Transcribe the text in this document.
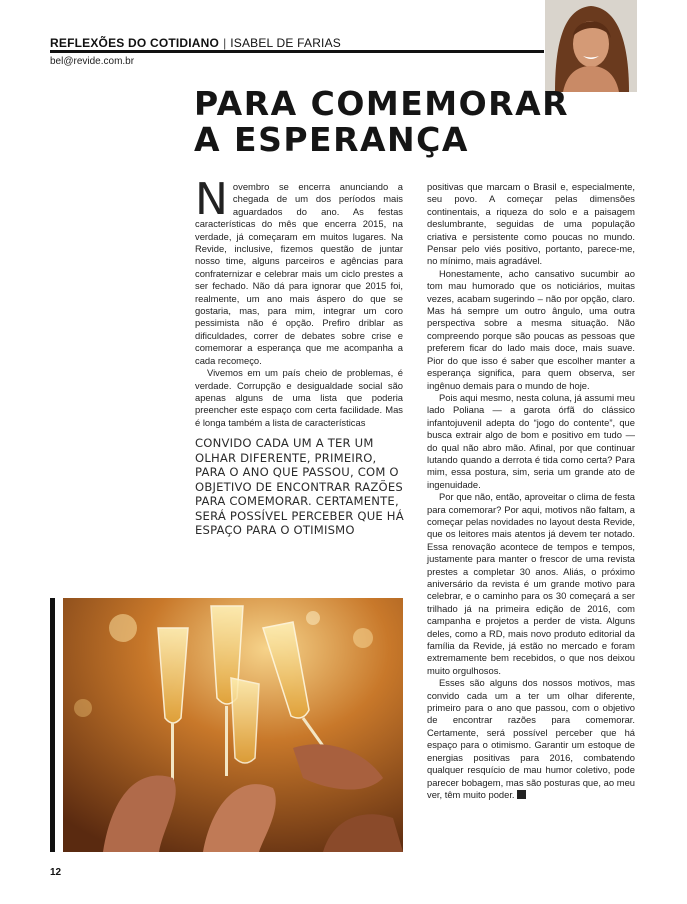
REFLEXÕES DO COTIDIANO | ISABEL DE FARIAS
bel@revide.com.br
PARA COMEMORAR
A ESPERANÇA

Novembro se encerra anunciando a chegada de um dos períodos mais aguardados do ano. As festas características do mês que encerra 2015, na verdade, já começaram em muitos lugares. Na Revide, inclusive, fizemos questão de juntar nosso time, alguns parceiros e agências para confraternizar e celebrar mais um ciclo prestes a ser fechado. Não dá para ignorar que 2015 foi, realmente, um ano mais áspero do que se gostaria, mas, para mim, integrar um coro pessimista não é opção. Prefiro driblar as dificuldades, correr de debates sobre crise e comemorar a esperança que me acompanha a cada recomeço.

Vivemos em um país cheio de problemas, é verdade. Corrupção e desigualdade social são apenas alguns de uma lista que poderia preencher este espaço com certa facilidade. Mas é longa também a lista de características

CONVIDO CADA UM A TER UM OLHAR DIFERENTE, PRIMEIRO, PARA O ANO QUE PASSOU, COM O OBJETIVO DE ENCONTRAR RAZÕES PARA COMEMORAR. CERTAMENTE, SERÁ POSSÍVEL PERCEBER QUE HÁ ESPAÇO PARA O OTIMISMO

positivas que marcam o Brasil e, especialmente, seu povo. A começar pelas dimensões continentais, a riqueza do solo e a paisagem deslumbrante, seguidas de uma população criativa e persistente como poucas no mundo. Pensar pelo viés positivo, portanto, parece-me, no mínimo, mais agradável.

Honestamente, acho cansativo sucumbir ao tom mau humorado que os noticiários, muitas vezes, acabam sugerindo – não por opção, claro. Mas há sempre um outro ângulo, uma outra perspectiva sobre a mesma situação. Não compreendo porque são poucas as pessoas que preferem ficar do lado mais doce, mais suave. Pior do que isso é saber que escolher manter a esperança significa, para quem observa, ser ingênuo demais para o mundo de hoje.

Pois aqui mesmo, nesta coluna, já assumi meu lado Poliana — a garota órfã do clássico infantojuvenil adepta do “jogo do contente”, que busca extrair algo de bom e positivo em tudo — do qual não abro mão. Afinal, por que continuar lutando quando a derrota é tida como certa? Para mim, essa postura, sim, seria um grande ato de ingenuidade.

Por que não, então, aproveitar o clima de festa para comemorar? Por aqui, motivos não faltam, a começar pelas novidades no layout desta Revide, que os leitores mais atentos já devem ter notado. Essa renovação acontece de tempos e tempos, justamente para manter o frescor de uma revista prestes a completar 30 anos. Aliás, o próximo aniversário da revista é um grande motivo para celebrar, e o caminho para os 30 começará a ser trilhado já na primeira edição de 2016, com campanha e projetos a perder de vista. Alguns deles, como a RD, mais novo produto editorial da família da Revide, já estão no mercado e foram extremamente bem recebidos, o que nos deixou muito orgulhosos.

Esses são alguns dos nossos motivos, mas convido cada um a ter um olhar diferente, primeiro para o ano que passou, com o objetivo de encontrar razões para comemorar. Certamente, será possível perceber que há espaço para o otimismo. Garantir um estoque de energias positivas para 2016, combatendo qualquer resquício de mau humor coletivo, pode parecer bobagem, mas são posturas que, ao meu ver, têm muito poder.

12
